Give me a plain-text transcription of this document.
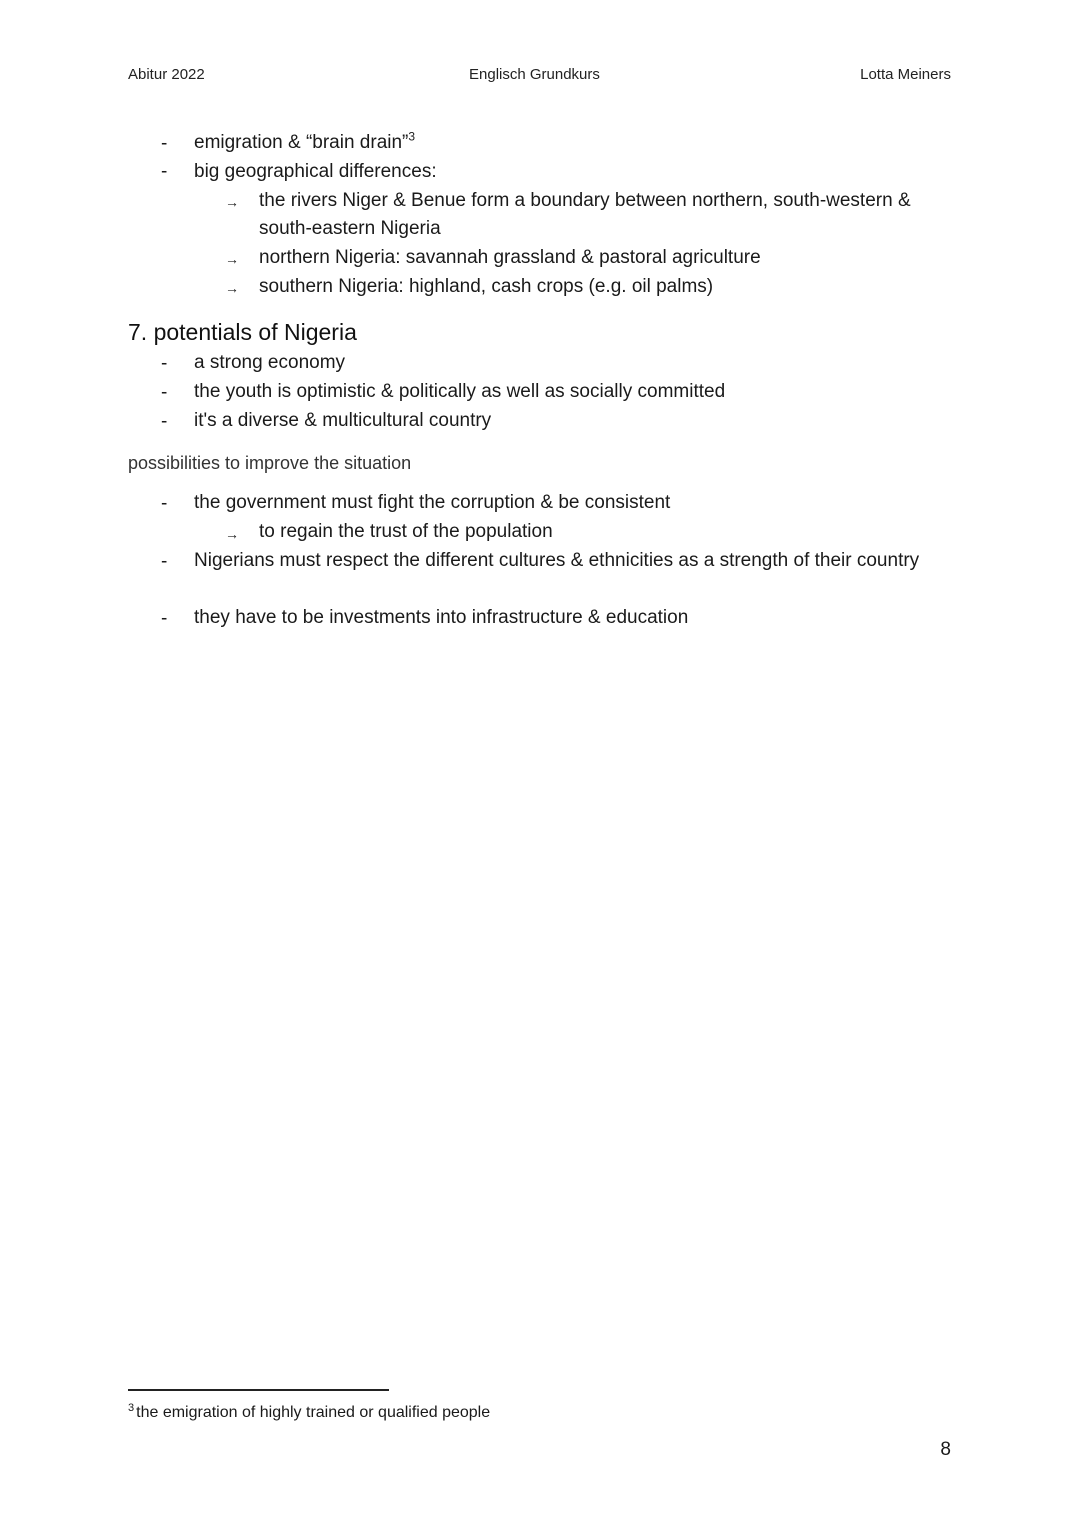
Abitur 2022	Englisch Grundkurs	Lotta Meiners
- emigration & “brain drain”$^3$
- big geographical differences:
→ the rivers Niger & Benue form a boundary between northern, south-western &
south-eastern Nigeria
→ northern Nigeria: savannah grassland & pastoral agriculture
→ southern Nigeria: highland, cash crops (e.g. oil palms)
7. potentials of Nigeria
- a strong economy
- the youth is optimistic & politically as well as socially committed
- it's a diverse & multicultural country
possibilities to improve the situation
- the government must fight the corruption & be consistent
→ to regain the trust of the population
- Nigerians must respect the different cultures & ethnicities as a strength of their country
- they have to be investments into infrastructure & education
$^3$ the emigration of highly trained or qualified people
8
